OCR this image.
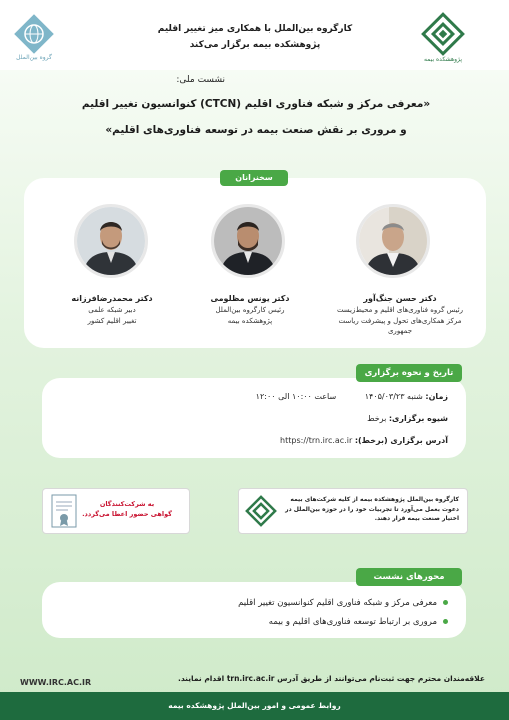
پژوهشکده بیمه
گروه بین‌الملل
کارگروه بین‌الملل با همکاری میز تغییر اقلیم
پژوهشکده بیمه برگزار می‌کند
نشست ملی:
«معرفی مرکز و شبکه فناوری اقلیم (CTCN) کنوانسیون تغییر اقلیم
و مروری بر نقش صنعت بیمه در توسعه فناوری‌های اقلیم»
سخنرانان
دکتر حسن جنگ‌آور
رئیس گروه فناوری‌های اقلیم و محیط‌زیست
مرکز همکاری‌های تحول و پیشرفت ریاست جمهوری
دکتر یونس مظلومی
رئیس کارگروه بین‌الملل
پژوهشکده بیمه
دکتر محمدرضافرزانه
دبیر شبکه علمی
تغییر اقلیم کشور
زمان: شنبه ۱۴۰۵/۰۳/۲۳ ساعت ۱۰:۰۰ الی ۱۲:۰۰
شیوه برگزاری: برخط
آدرس برگزاری (برخط): https://trn.irc.ac.ir
تاریخ و نحوه برگزاری
به شرکت‌کنندگان
گواهی حضور اعطا می‌گردد.
کارگروه بین‌الملل پژوهشکده بیمه از کلیه شرکت‌های بیمه
دعوت بعمل می‌آورد تا تجربیات خود را در حوزه بین‌الملل در
اختیار صنعت بیمه قرار دهند.
معرفی مرکز و شبکه فناوری اقلیم کنوانسیون تغییر اقلیم
مروری بر ارتباط توسعه فناوری‌های اقلیم و بیمه
محورهای نشست
علاقه‌مندان محترم جهت ثبت‌نام می‌توانند از طریق آدرس trn.irc.ac.ir اقدام نمایند.
WWW.IRC.AC.IR
روابط عمومی و امور بین‌الملل پژوهشکده بیمه
